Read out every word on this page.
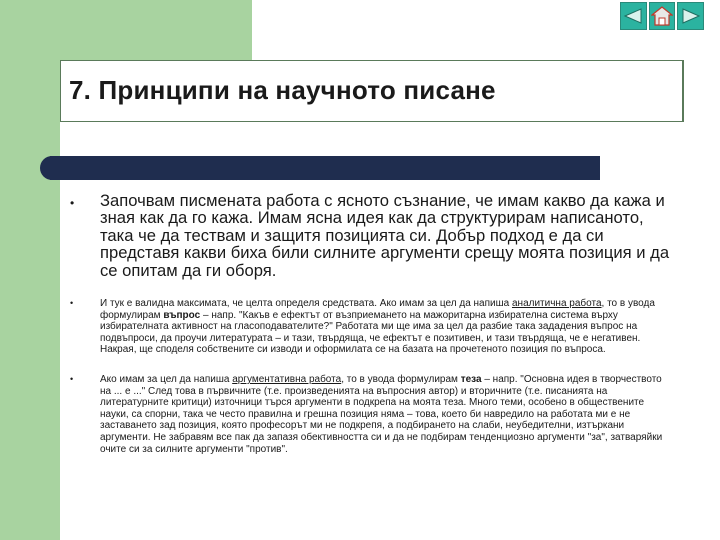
7. Принципи на научното писане
• Започвам писмената работа с ясното съзнание, че имам какво да кажа и зная как да го кажа. Имам ясна идея как да структурирам написаното, така че да тествам и защитя позицията си. Добър подход е да си представя какви биха били силните аргументи срещу моята позиция и да се опитам да ги оборя.

•	И тук е валидна максимата, че целта определя средствата. Ако имам за цел да напиша аналитична работа, то в увода формулирам въпрос – напр. "Какъв е ефектът от възприемането на мажоритарна избирателна система върху избирателната активност на гласоподавателите?" Работата ми ще има за цел да разбие така зададения въпрос на подвъпроси, да проучи литературата – и тази, твърдяща, че ефектът е позитивен, и тази твърдяща, че е негативен. Накрая, ще споделя собствените си изводи и оформилата се на базата на прочетеното позиция по въпроса.

•	Ако имам за цел да напиша аргументативна работа, то в увода формулирам теза – напр. "Основна идея в творчеството на ... е ..." След това в първичните (т.е. произведенията на въпросния автор) и вторичните (т.е. писанията на литературните критици) източници търся аргументи в подкрепа на моята теза. Много теми, особено в обществените науки, са спорни, така че често правилна и грешна позиция няма – това, което би навредило на работата ми е не заставането зад позиция, която професорът ми не подкрепя, а подбирането на слаби, неубедителни, изтъркани аргументи. Не забравям все пак да запазя обективността си и да не подбирам тенденциозно аргументи "за", затваряйки очите си за силните аргументи "против".
